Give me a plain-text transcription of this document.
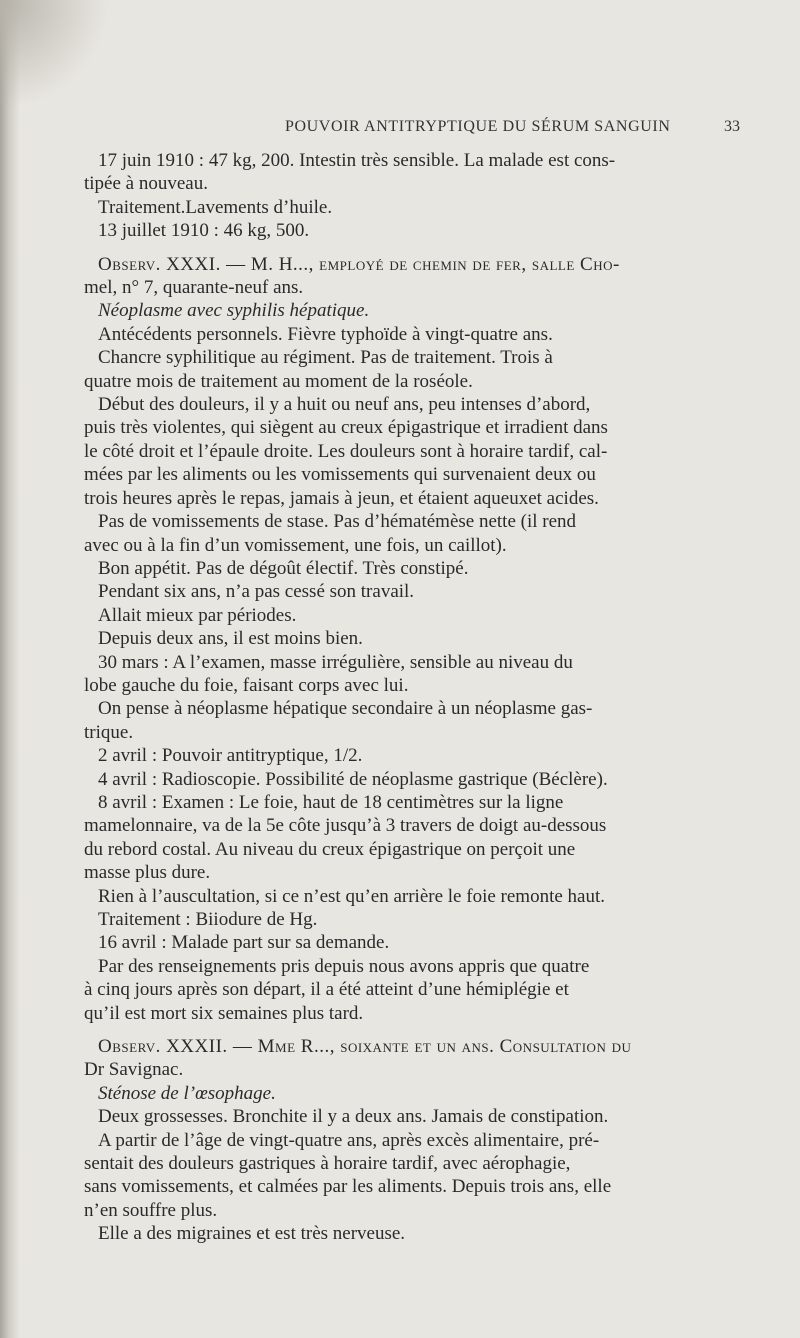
POUVOIR ANTITRYPTIQUE DU SÉRUM SANGUIN	33
17 juin 1910 : 47 kg, 200. Intestin très sensible. La malade est cons-
tipée à nouveau.
Traitement.Lavements d’huile.
13 juillet 1910 : 46 kg, 500.
Observ. XXXI. — M. H..., employé de chemin de fer, salle Cho-
mel, n° 7, quarante-neuf ans.
Néoplasme avec syphilis hépatique.
Antécédents personnels. Fièvre typhoïde à vingt-quatre ans.
Chancre syphilitique au régiment. Pas de traitement. Trois à
quatre mois de traitement au moment de la roséole.
Début des douleurs, il y a huit ou neuf ans, peu intenses d’abord,
puis très violentes, qui siègent au creux épigastrique et irradient dans
le côté droit et l’épaule droite. Les douleurs sont à horaire tardif, cal-
mées par les aliments ou les vomissements qui survenaient deux ou
trois heures après le repas, jamais à jeun, et étaient aqueuxet acides.
Pas de vomissements de stase. Pas d’hématémèse nette (il rend
avec ou à la fin d’un vomissement, une fois, un caillot).
Bon appétit. Pas de dégoût électif. Très constipé.
Pendant six ans, n’a pas cessé son travail.
Allait mieux par périodes.
Depuis deux ans, il est moins bien.
30 mars : A l’examen, masse irrégulière, sensible au niveau du
lobe gauche du foie, faisant corps avec lui.
On pense à néoplasme hépatique secondaire à un néoplasme gas-
trique.
2 avril : Pouvoir antitryptique, 1/2.
4 avril : Radioscopie. Possibilité de néoplasme gastrique (Béclère).
8 avril : Examen : Le foie, haut de 18 centimètres sur la ligne
mamelonnaire, va de la 5e côte jusqu’à 3 travers de doigt au-dessous
du rebord costal. Au niveau du creux épigastrique on perçoit une
masse plus dure.
Rien à l’auscultation, si ce n’est qu’en arrière le foie remonte haut.
Traitement : Biiodure de Hg.
16 avril : Malade part sur sa demande.
Par des renseignements pris depuis nous avons appris que quatre
à cinq jours après son départ, il a été atteint d’une hémiplégie et
qu’il est mort six semaines plus tard.
Observ. XXXII. — Mme R..., soixante et un ans. Consultation du
Dr Savignac.
Sténose de l’œsophage.
Deux grossesses. Bronchite il y a deux ans. Jamais de constipation.
A partir de l’âge de vingt-quatre ans, après excès alimentaire, pré-
sentait des douleurs gastriques à horaire tardif, avec aérophagie,
sans vomissements, et calmées par les aliments. Depuis trois ans, elle
n’en souffre plus.
Elle a des migraines et est très nerveuse.
